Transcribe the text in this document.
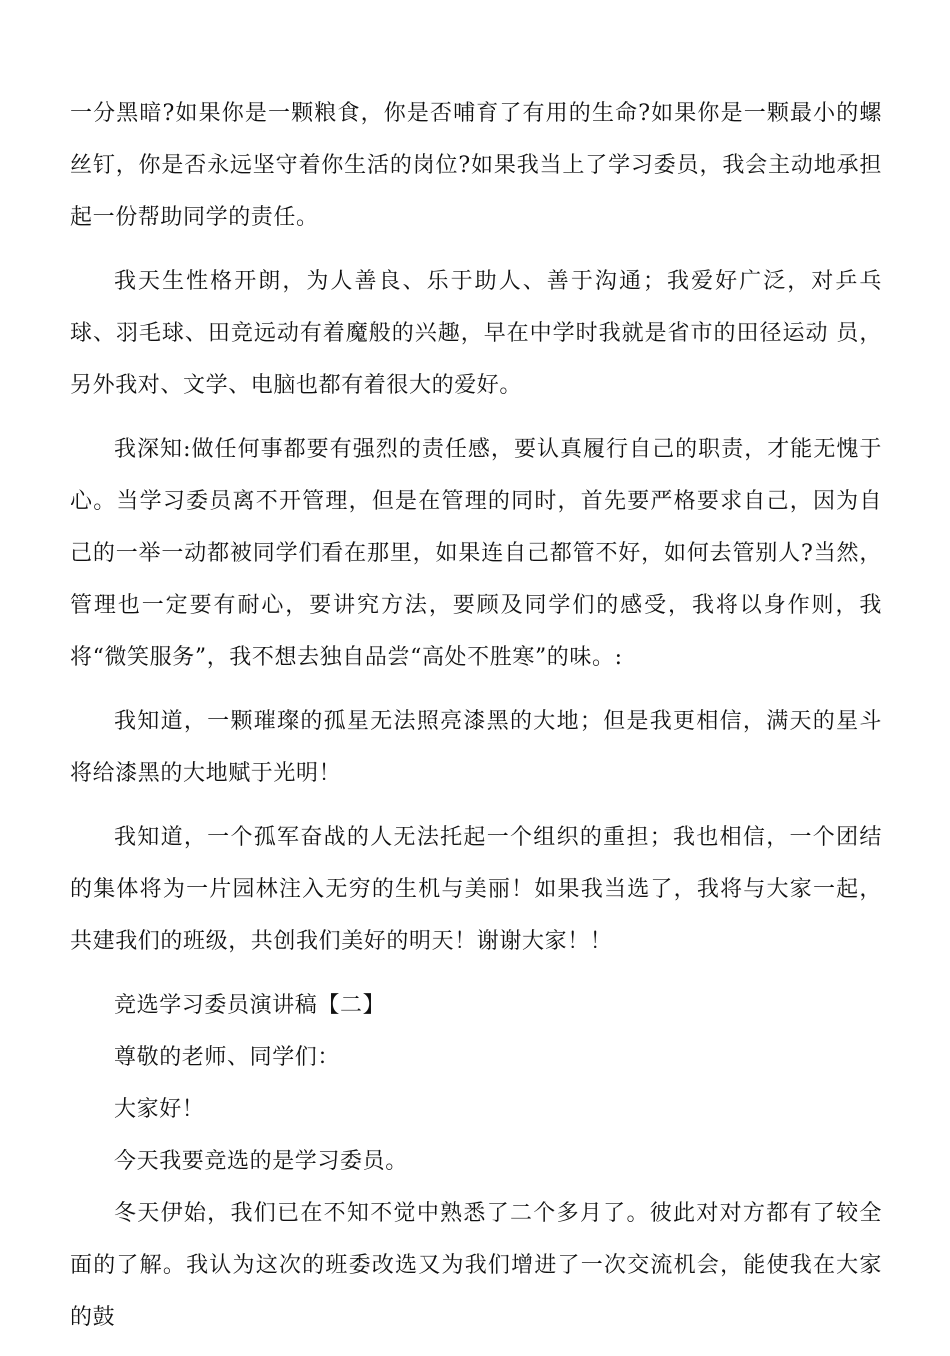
一分黑暗?如果你是一颗粮食，你是否哺育了有用的生命?如果你是一颗最小的螺丝钉，你是否永远坚守着你生活的岗位?如果我当上了学习委员，我会主动地承担起一份帮助同学的责任。

我天生性格开朗，为人善良、乐于助人、善于沟通；我爱好广泛，对乒乓球、羽毛球、田竞远动有着魔般的兴趣，早在中学时我就是省市的田径运动 员，另外我对、文学、电脑也都有着很大的爱好。

我深知:做任何事都要有强烈的责任感，要认真履行自己的职责，才能无愧于心。当学习委员离不开管理，但是在管理的同时，首先要严格要求自己，因为自己的一举一动都被同学们看在那里，如果连自己都管不好，如何去管别人?当然，管理也一定要有耐心，要讲究方法，要顾及同学们的感受，我将以身作则，我将“微笑服务”，我不想去独自品尝“高处不胜寒”的味。:

我知道，一颗璀璨的孤星无法照亮漆黑的大地；但是我更相信，满天的星斗将给漆黑的大地赋于光明！

我知道，一个孤军奋战的人无法托起一个组织的重担；我也相信，一个团结的集体将为一片园林注入无穷的生机与美丽！如果我当选了，我将与大家一起，共建我们的班级，共创我们美好的明天！谢谢大家！！

竞选学习委员演讲稿【二】

尊敬的老师、同学们：

大家好！

今天我要竞选的是学习委员。

冬天伊始，我们已在不知不觉中熟悉了二个多月了。彼此对对方都有了较全面的了解。我认为这次的班委改选又为我们增进了一次交流机会，能使我在大家的鼓
